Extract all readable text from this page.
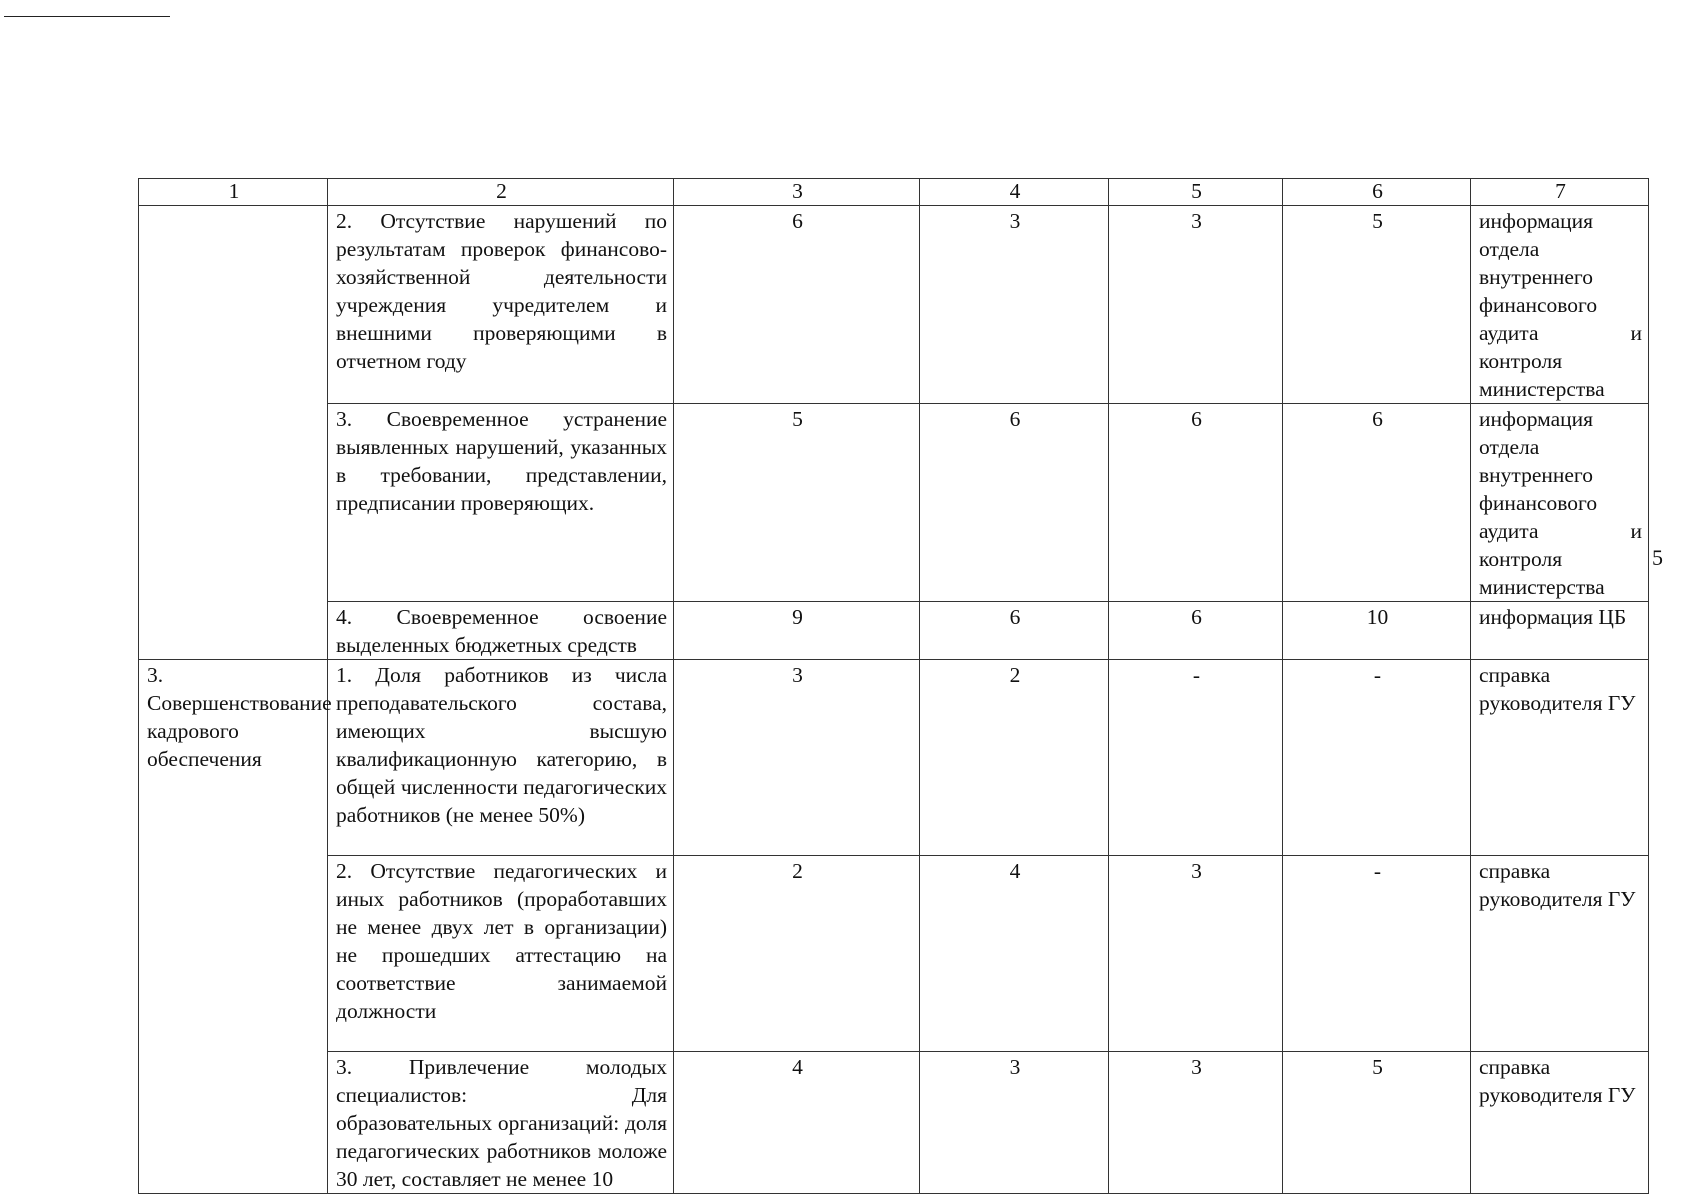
1	2	3	4	5	6	7
	2. Отсутствие нарушений по результатам проверок финансово-хозяйственной деятельности учреждения учредителем и внешними проверяющими в отчетном году	6	3	3	5	информация отдела внутреннего финансового аудита и контроля министерства
	3. Своевременное устранение выявленных нарушений, указанных в требовании, представлении, предписании проверяющих.	5	6	6	6	информация отдела внутреннего финансового аудита и контроля министерства
	4. Своевременное освоение выделенных бюджетных средств	9	6	6	10	информация ЦБ
3. Совершенствование кадрового обеспечения	1. Доля работников из числа преподавательского состава, имеющих высшую квалификационную категорию, в общей численности педагогических работников (не менее 50%)	3	2	-	-	справка руководителя ГУ
	2. Отсутствие педагогических и иных работников (проработавших не менее двух лет в организации) не прошедших аттестацию на соответствие занимаемой должности	2	4	3	-	справка руководителя ГУ
	3. Привлечение молодых специалистов: Для образовательных организаций: доля педагогических работников моложе 30 лет, составляет не менее 10	4	3	3	5	справка руководителя ГУ
5
